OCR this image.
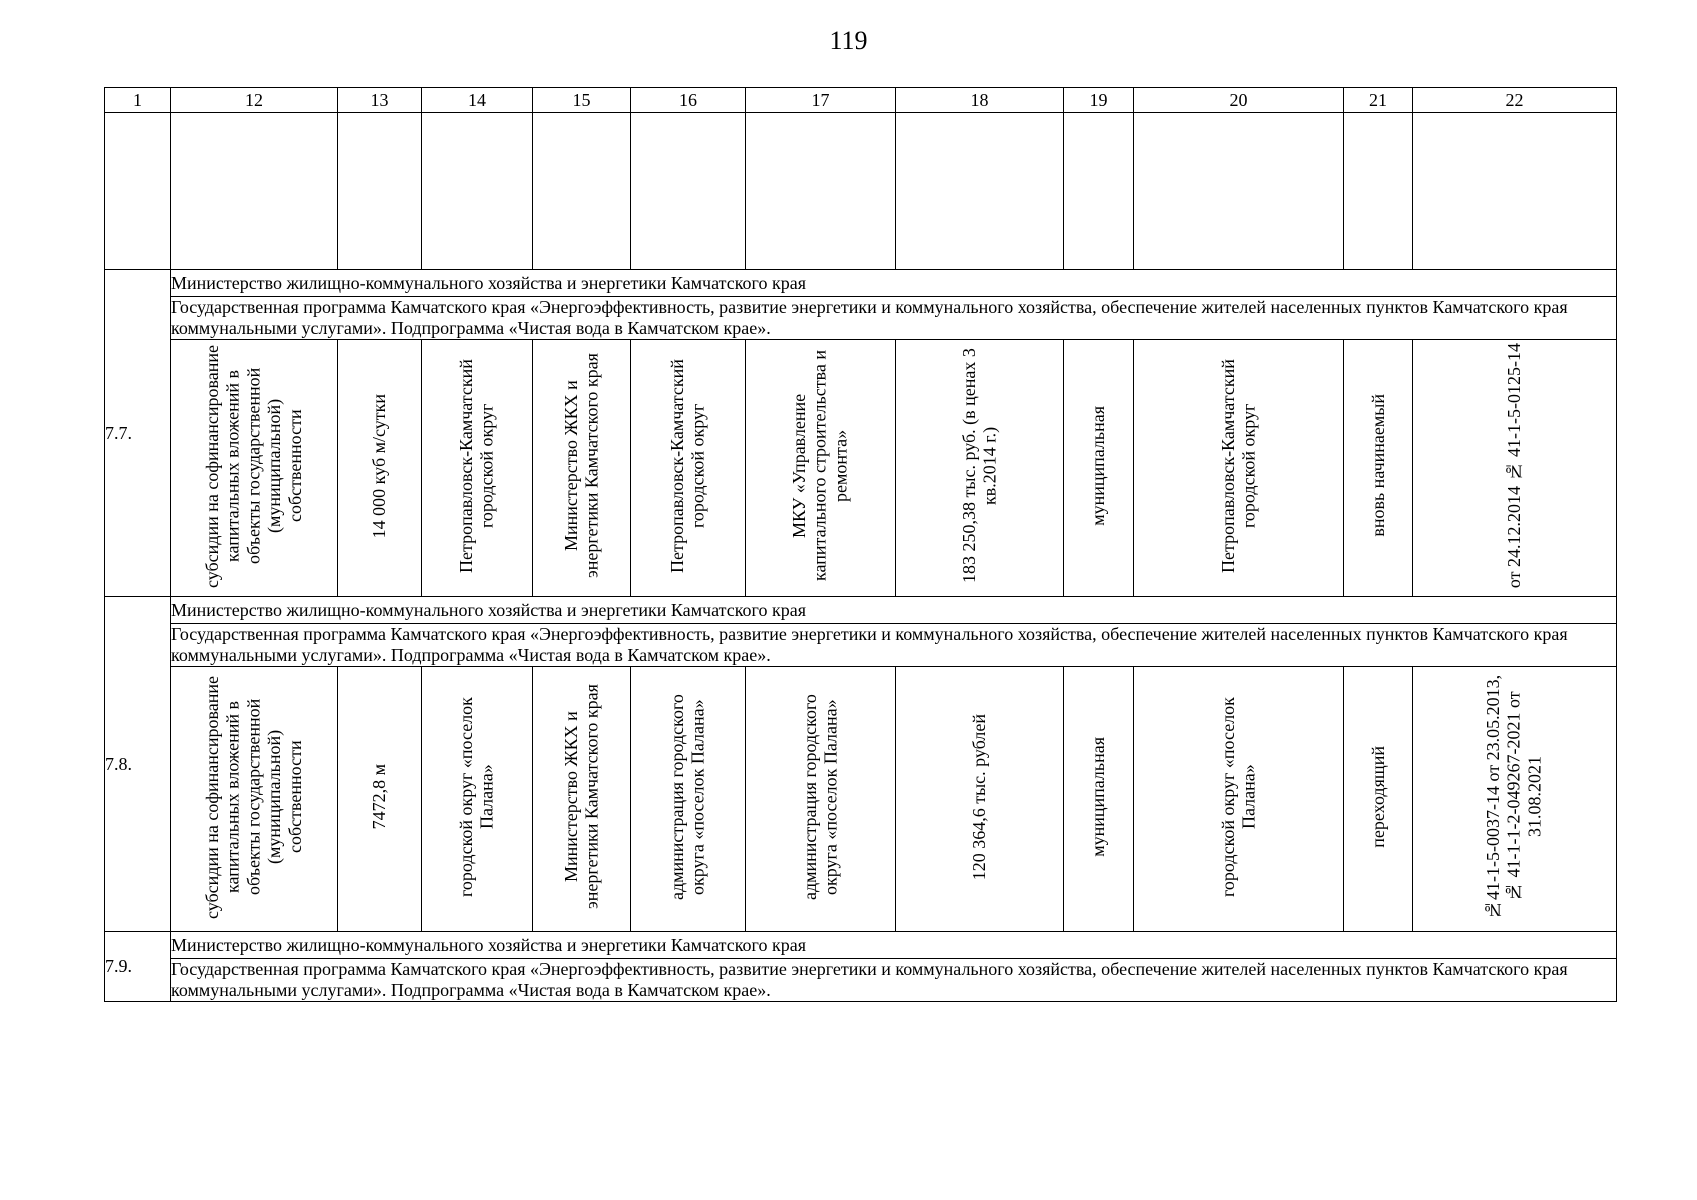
119
1	12	13	14	15	16	17	18	19	20	21	22

7.7.	Министерство жилищно-коммунального хозяйства и энергетики Камчатского края										
	Государственная программа Камчатского края «Энергоэффективность, развитие энергетики и коммунального хозяйства, обеспечение жителей населенных пунктов Камчатского края коммунальными услугами». Подпрограмма «Чистая вода в Камчатском крае».										
	субсидии на софинансирование капитальных вложений в объекты государственной (муниципальной) собственности	14 000 куб м/сутки	Петропавловск-Камчатский городской округ	Министерство ЖКХ и энергетики Камчатского края	Петропавловск-Камчатский городской округ	МКУ «Управление капитального строительства и ремонта»	183 250,38 тыс. руб. (в ценах 3 кв.2014 г.)	муниципальная	Петропавловск-Камчатский городской округ	вновь начинаемый	от 24.12.2014 № 41-1-5-0125-14
7.8.	Министерство жилищно-коммунального хозяйства и энергетики Камчатского края										
	Государственная программа Камчатского края «Энергоэффективность, развитие энергетики и коммунального хозяйства, обеспечение жителей населенных пунктов Камчатского края коммунальными услугами». Подпрограмма «Чистая вода в Камчатском крае».										
	субсидии на софинансирование капитальных вложений в объекты государственной (муниципальной) собственности	7472,8 м	городской округ «поселок Палана»	Министерство ЖКХ и энергетики Камчатского края	администрация городского округа «поселок Палана»	администрация городского округа «поселок Палана»	120 364,6 тыс. рублей	муниципальная	городской округ «поселок Палана»	переходящий	№41-1-5-0037-14 от 23.05.2013, № 41-1-1-2-049267-2021 от 31.08.2021
7.9.	Министерство жилищно-коммунального хозяйства и энергетики Камчатского края										
	Государственная программа Камчатского края «Энергоэффективность, развитие энергетики и коммунального хозяйства, обеспечение жителей населенных пунктов Камчатского края коммунальными услугами». Подпрограмма «Чистая вода в Камчатском крае».										
